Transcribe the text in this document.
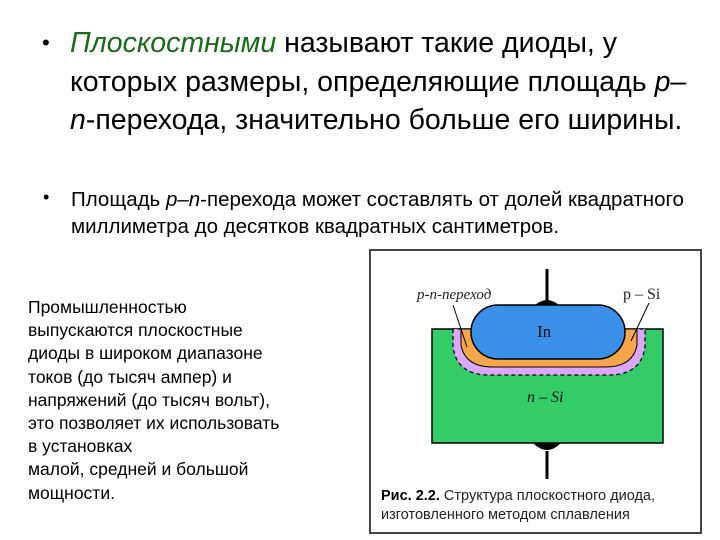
• Плоскостными называют такие диоды, у которых размеры, определяющие площадь p–n-перехода, значительно больше его ширины.
• Площадь p–n-перехода может составлять от долей квадратного миллиметра до десятков квадратных сантиметров.
Промышленностью
выпускаются плоскостные
диоды в широком диапазоне
токов (до тысяч ампер) и
напряжений (до тысяч вольт),
это позволяет их использовать
в установках
малой, средней и большой
мощности.
p-n-переход	p – Si
In
n – Si
Рис. 2.2. Структура плоскостного диода, изготовленного методом сплавления
